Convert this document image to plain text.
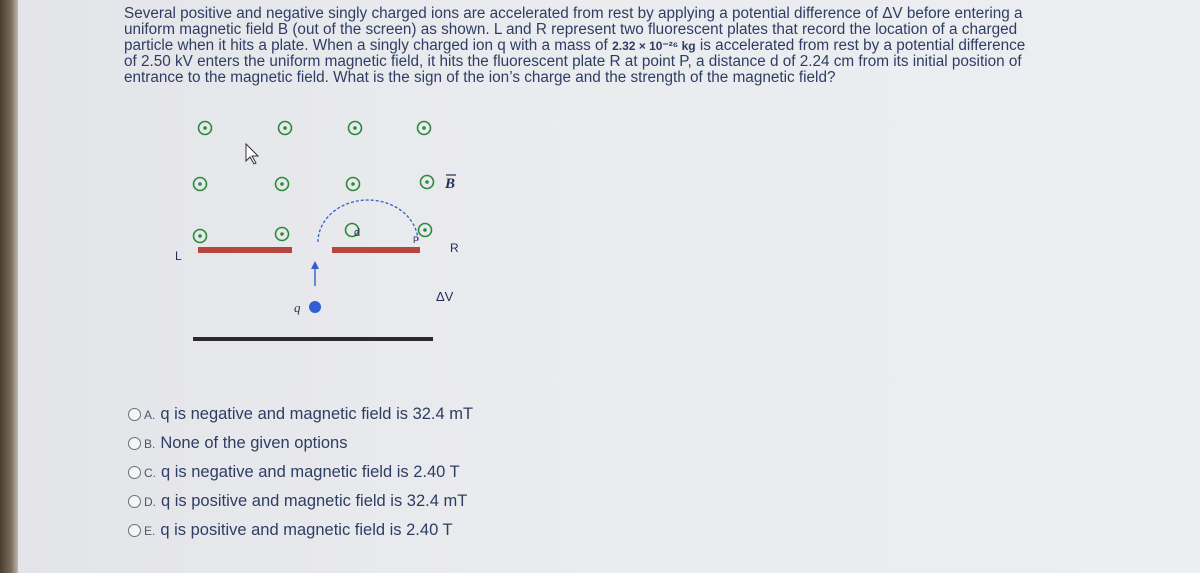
Several positive and negative singly charged ions are accelerated from rest by applying a potential difference of ΔV before entering a
uniform magnetic field B (out of the screen) as shown. L and R represent two fluorescent plates that record the location of a charged
particle when it hits a plate. When a singly charged ion q with a mass of 2.32 × 10⁻²⁶ kg is accelerated from rest by a potential difference
of 2.50 kV enters the uniform magnetic field, it hits the fluorescent plate R at point P, a distance d of 2.24 cm from its initial position of
entrance to the magnetic field. What is the sign of the ion’s charge and the strength of the magnetic field?
B
d
P
L
R
q
ΔV
A. q is negative and magnetic field is 32.4 mT
B. None of the given options
C. q is negative and magnetic field is 2.40 T
D. q is positive and magnetic field is 32.4 mT
E. q is positive and magnetic field is 2.40 T
